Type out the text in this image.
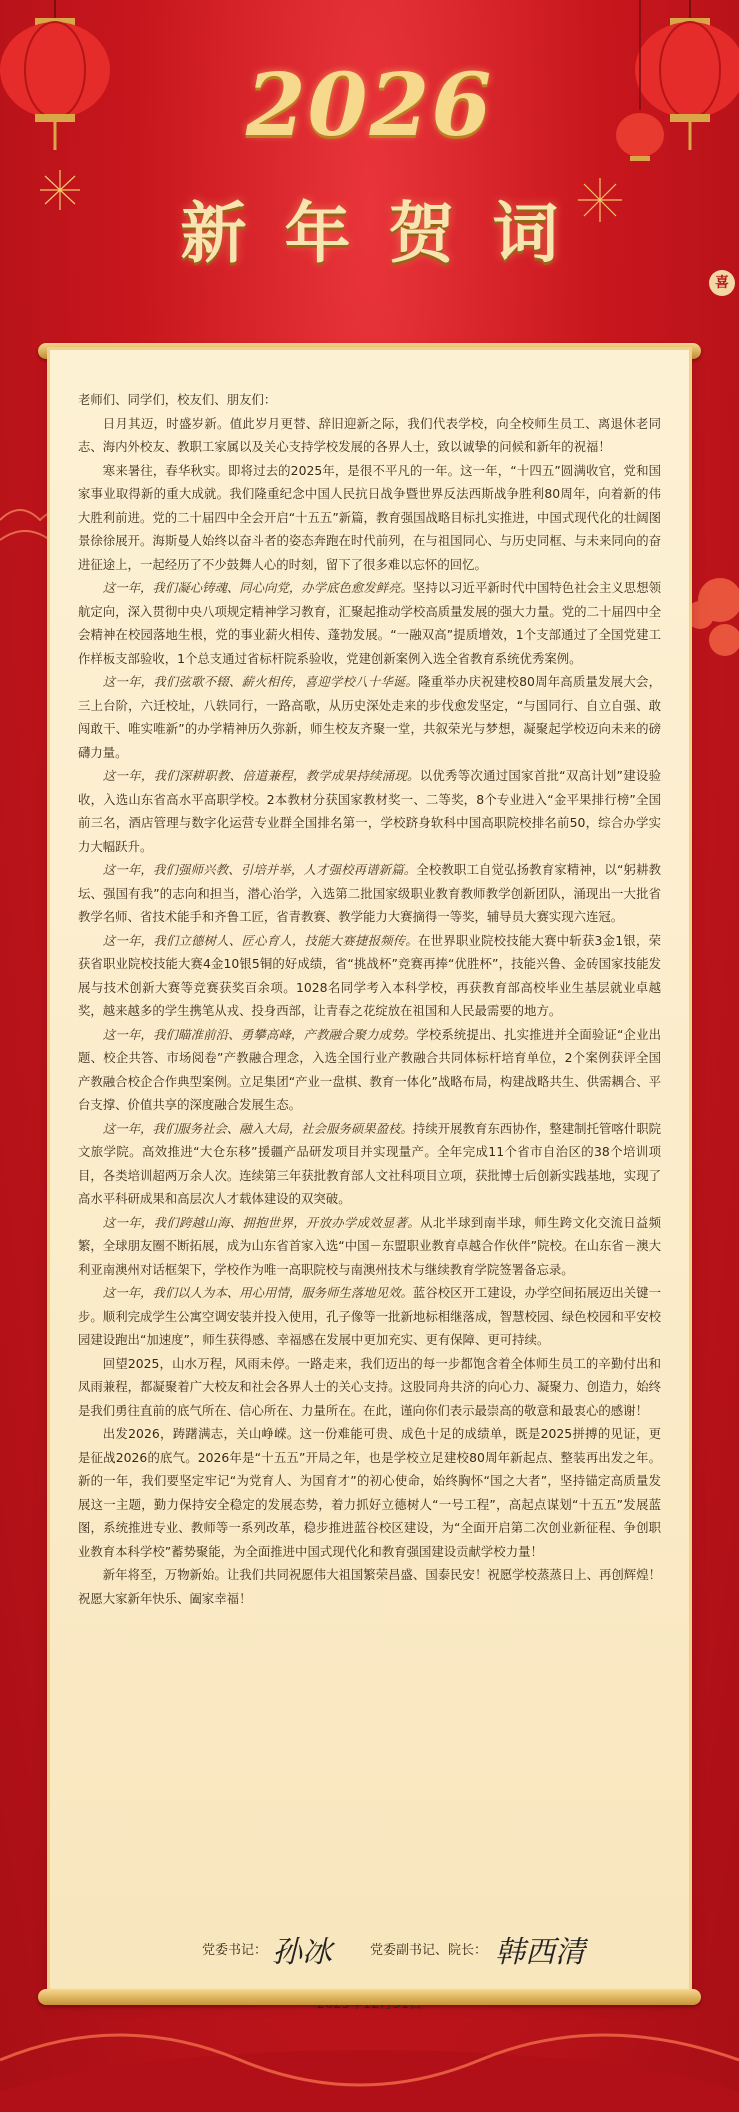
2026
新年贺词
喜

老师们、同学们，校友们、朋友们：

日月其迈，时盛岁新。值此岁月更替、辞旧迎新之际，我们代表学校，向全校师生员工、离退休老同志、海内外校友、教职工家属以及关心支持学校发展的各界人士，致以诚挚的问候和新年的祝福！

寒来暑往，春华秋实。即将过去的2025年，是很不平凡的一年。这一年，“十四五”圆满收官，党和国家事业取得新的重大成就。我们隆重纪念中国人民抗日战争暨世界反法西斯战争胜利80周年，向着新的伟大胜利前进。党的二十届四中全会开启“十五五”新篇，教育强国战略目标扎实推进，中国式现代化的壮阔图景徐徐展开。海斯曼人始终以奋斗者的姿态奔跑在时代前列，在与祖国同心、与历史同框、与未来同向的奋进征途上，一起经历了不少鼓舞人心的时刻，留下了很多难以忘怀的回忆。

这一年，我们凝心铸魂、同心向党，办学底色愈发鲜亮。坚持以习近平新时代中国特色社会主义思想领航定向，深入贯彻中央八项规定精神学习教育，汇聚起推动学校高质量发展的强大力量。党的二十届四中全会精神在校园落地生根，党的事业薪火相传、蓬勃发展。“一融双高”提质增效，1个支部通过了全国党建工作样板支部验收，1个总支通过省标杆院系验收，党建创新案例入选全省教育系统优秀案例。

这一年，我们弦歌不辍、薪火相传，喜迎学校八十华诞。隆重举办庆祝建校80周年高质量发展大会，三上台阶，六迁校址，八轶同行，一路高歌，从历史深处走来的步伐愈发坚定，“与国同行、自立自强、敢闯敢干、唯实唯新”的办学精神历久弥新，师生校友齐聚一堂，共叙荣光与梦想，凝聚起学校迈向未来的磅礴力量。

这一年，我们深耕职教、倍道兼程，教学成果持续涌现。以优秀等次通过国家首批“双高计划”建设验收，入选山东省高水平高职学校。2本教材分获国家教材奖一、二等奖，8个专业进入“金平果排行榜”全国前三名，酒店管理与数字化运营专业群全国排名第一，学校跻身软科中国高职院校排名前50，综合办学实力大幅跃升。

这一年，我们强师兴教、引培并举，人才强校再谱新篇。全校教职工自觉弘扬教育家精神，以“躬耕教坛、强国有我”的志向和担当，潜心治学，入选第二批国家级职业教育教师教学创新团队，涌现出一大批省教学名师、省技术能手和齐鲁工匠，省青教赛、教学能力大赛摘得一等奖，辅导员大赛实现六连冠。

这一年，我们立德树人、匠心育人，技能大赛捷报频传。在世界职业院校技能大赛中斩获3金1银，荣获省职业院校技能大赛4金10银5铜的好成绩，省“挑战杯”竞赛再捧“优胜杯”，技能兴鲁、金砖国家技能发展与技术创新大赛等竞赛获奖百余项。1028名同学考入本科学校，再获教育部高校毕业生基层就业卓越奖，越来越多的学生携笔从戎、投身西部，让青春之花绽放在祖国和人民最需要的地方。

这一年，我们瞄准前沿、勇攀高峰，产教融合聚力成势。学校系统提出、扎实推进并全面验证“企业出题、校企共答、市场阅卷”产教融合理念，入选全国行业产教融合共同体标杆培育单位，2个案例获评全国产教融合校企合作典型案例。立足集团“产业一盘棋、教育一体化”战略布局，构建战略共生、供需耦合、平台支撑、价值共享的深度融合发展生态。

这一年，我们服务社会、融入大局，社会服务硕果盈枝。持续开展教育东西协作，整建制托管喀什职院文旅学院。高效推进“大仓东移”援疆产品研发项目并实现量产。全年完成11个省市自治区的38个培训项目，各类培训超两万余人次。连续第三年获批教育部人文社科项目立项，获批博士后创新实践基地，实现了高水平科研成果和高层次人才载体建设的双突破。

这一年，我们跨越山海、拥抱世界，开放办学成效显著。从北半球到南半球，师生跨文化交流日益频繁，全球朋友圈不断拓展，成为山东省首家入选“中国－东盟职业教育卓越合作伙伴”院校。在山东省－澳大利亚南澳州对话框架下，学校作为唯一高职院校与南澳州技术与继续教育学院签署备忘录。

这一年，我们以人为本、用心用情，服务师生落地见效。蓝谷校区开工建设，办学空间拓展迈出关键一步。顺利完成学生公寓空调安装并投入使用，孔子像等一批新地标相继落成，智慧校园、绿色校园和平安校园建设跑出“加速度”，师生获得感、幸福感在发展中更加充实、更有保障、更可持续。

回望2025，山水万程，风雨未停。一路走来，我们迈出的每一步都饱含着全体师生员工的辛勤付出和凤雨兼程，都凝聚着广大校友和社会各界人士的关心支持。这股同舟共济的向心力、凝聚力、创造力，始终是我们勇往直前的底气所在、信心所在、力量所在。在此，谨向你们表示最崇高的敬意和最衷心的感谢！

出发2026，踌躇满志，关山峥嵘。这一份难能可贵、成色十足的成绩单，既是2025拼搏的见证，更是征战2026的底气。2026年是“十五五”开局之年，也是学校立足建校80周年新起点、整装再出发之年。新的一年，我们要坚定牢记“为党育人、为国育才”的初心使命，始终胸怀“国之大者”，坚持锚定高质量发展这一主题，勤力保持安全稳定的发展态势，着力抓好立德树人“一号工程”，高起点谋划“十五五”发展蓝图，系统推进专业、教师等一系列改革，稳步推进蓝谷校区建设，为“全面开启第二次创业新征程、争创职业教育本科学校”蓄势聚能，为全面推进中国式现代化和教育强国建设贡献学校力量！

新年将至，万物新始。让我们共同祝愿伟大祖国繁荣昌盛、国泰民安！祝愿学校蒸蒸日上、再创辉煌！祝愿大家新年快乐、阖家幸福！

党委书记： 孙冰	党委副书记、院长： 韩西清
